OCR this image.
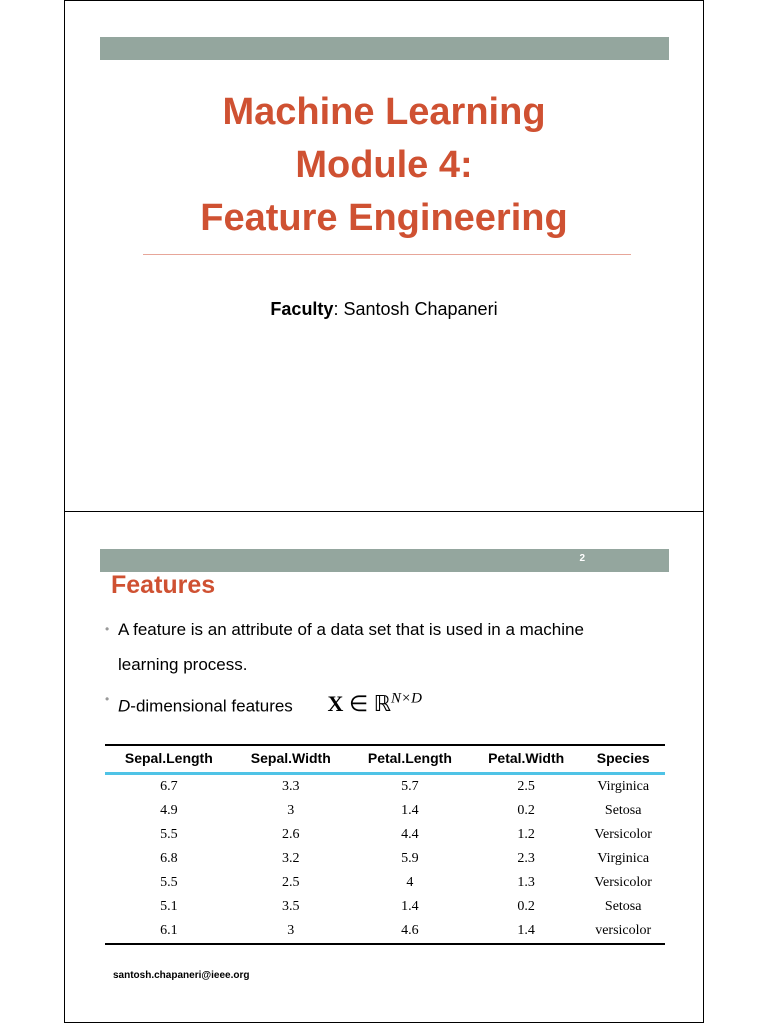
Machine Learning
Module 4:
Feature Engineering
Faculty: Santosh Chapaneri
2
Features
• A feature is an attribute of a data set that is used in a machine
learning process.
• D-dimensional features X ∈ ℝ$^{N\times D}$
Sepal.Length	Sepal.Width	Petal.Length	Petal.Width	Species
6.7	3.3	5.7	2.5	Virginica
4.9	3	1.4	0.2	Setosa
5.5	2.6	4.4	1.2	Versicolor
6.8	3.2	5.9	2.3	Virginica
5.5	2.5	4	1.3	Versicolor
5.1	3.5	1.4	0.2	Setosa
6.1	3	4.6	1.4	versicolor
santosh.chapaneri@ieee.org
